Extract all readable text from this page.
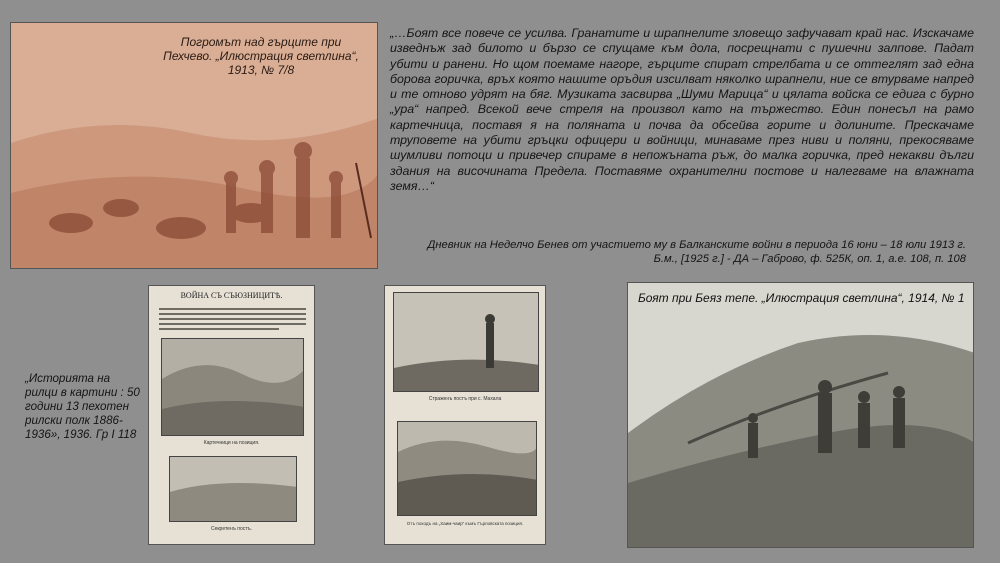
Погромът над гърците при Пехчево. „Илюстрация светлина“, 1913, № 7/8

„…Боят все повече се усилва. Гранатите и шрапнелите зловещо зафучават край нас. Изскачаме изведнъж зад билото и бързо се спущаме към дола, посрещнати с пушечни залпове. Падат убити и ранени. Но щом поемаме нагоре, гърците спират стрелбата и се оттеглят зад една борова горичка, връх която нашите оръдия изсилват няколко шрапнели, ние се втурваме напред и те отново удрят на бяг. Музиката засвирва „Шуми Марица“ и цялата войска се едига с бурно „ура“ напред. Всекой вече стреля на произвол като на тържество. Един понесъл на рамо картечница, поставя я на поляната и почва да обсейва горите и долините. Прескачаме труповете на убити гръцки офицери и войници, минаваме през ниви и поляни, прекосяваме шумливи потоци и привечер спираме в непожънатa ръж, до малка горичка, пред некакви дълги здания на височината Предела. Поставяме охранителни постове и налегваме на влажната земя…“

Дневник на Неделчо Бенев от участието му в Балканските войни в периода 16 юни – 18 юли 1913 г.
Б.м., [1925 г.] - ДА – Габрово, ф. 525К, оп. 1, а.е. 108, п. 108
„Историята на рилци в картини : 50 години 13 пехотен рилски полк 1886-1936», 1936. Гр І 118
ВОЙНА СЪ СЪЮЗНИЦИТѢ.
Картечници на позиция.
Секретенъ постъ.
Страженъ постъ при с. Махала
Отъ походъ на „Хаим-чаир“ къмъ Гърловската позиция.
Боят при Беяз тепе. „Илюстрация светлина“, 1914, № 1
